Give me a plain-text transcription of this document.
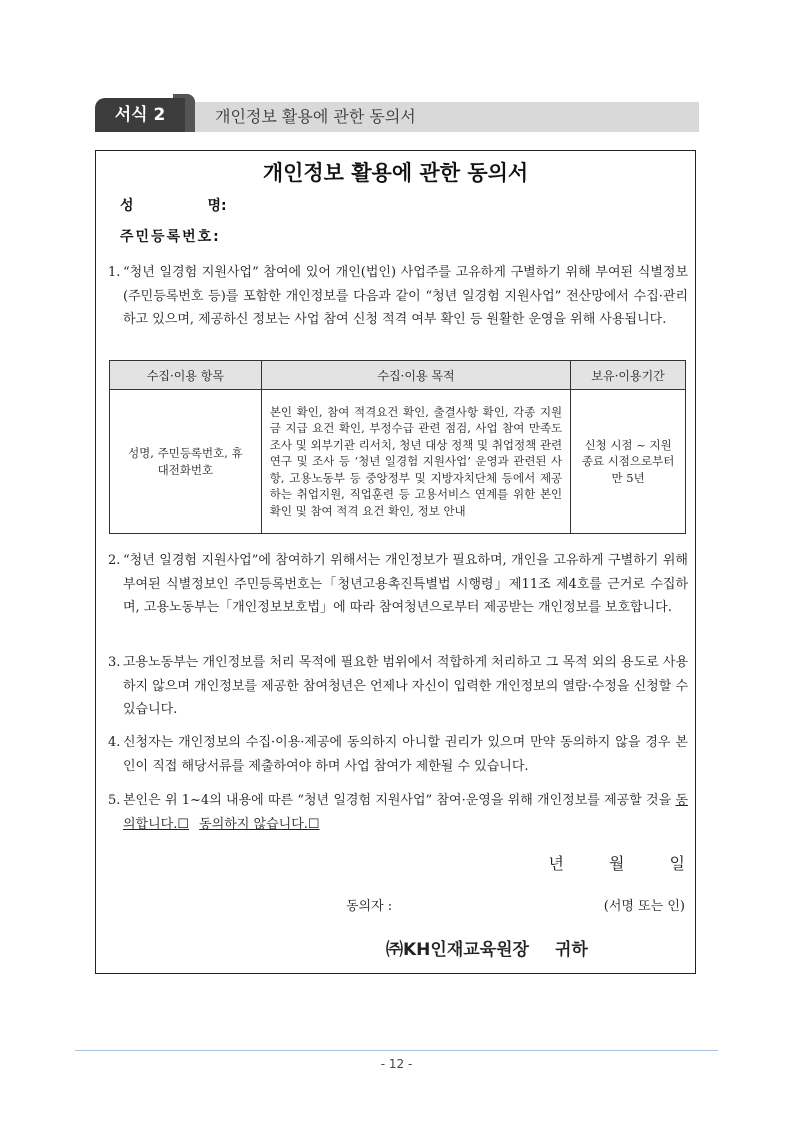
서식 2	개인정보 활용에 관한 동의서
개인정보 활용에 관한 동의서
성	명:
주민등록번호:
1. “청년 일경험 지원사업” 참여에 있어 개인(법인) 사업주를 고유하게 구별하기 위해 부여된 식별정보(주민등록번호 등)를 포함한 개인정보를 다음과 같이 “청년 일경험 지원사업” 전산망에서 수집·관리하고 있으며, 제공하신 정보는 사업 참여 신청 적격 여부 확인 등 원활한 운영을 위해 사용됩니다.
수집·이용 항목	수집·이용 목적	보유·이용기간
성명, 주민등록번호, 휴대전화번호	본인 확인, 참여 적격요건 확인, 출결사항 확인, 각종 지원금 지급 요건 확인, 부정수급 관련 점검, 사업 참여 만족도 조사 및 외부기관 리서치, 청년 대상 정책 및 취업정책 관련 연구 및 조사 등 ‘청년 일경험 지원사업’ 운영과 관련된 사항, 고용노동부 등 중앙정부 및 지방자치단체 등에서 제공하는 취업지원, 직업훈련 등 고용서비스 연계를 위한 본인 확인 및 참여 적격 요건 확인, 정보 안내	신청 시점 ~ 지원 종료 시점으로부터 만 5년
2. “청년 일경험 지원사업”에 참여하기 위해서는 개인정보가 필요하며, 개인을 고유하게 구별하기 위해 부여된 식별정보인 주민등록번호는「청년고용촉진특별법 시행령」제11조 제4호를 근거로 수집하며, 고용노동부는「개인정보보호법」에 따라 참여청년으로부터 제공받는 개인정보를 보호합니다.
3. 고용노동부는 개인정보를 처리 목적에 필요한 범위에서 적합하게 처리하고 그 목적 외의 용도로 사용하지 않으며 개인정보를 제공한 참여청년은 언제나 자신이 입력한 개인정보의 열람·수정을 신청할 수 있습니다.
4. 신청자는 개인정보의 수집·이용·제공에 동의하지 아니할 권리가 있으며 만약 동의하지 않을 경우 본인이 직접 해당서류를 제출하여야 하며 사업 참여가 제한될 수 있습니다.
5. 본인은 위 1~4의 내용에 따른 “청년 일경험 지원사업” 참여·운영을 위해 개인정보를 제공할 것을 동의합니다.☐ 동의하지 않습니다.☐
년 월 일
동의자 :	(서명 또는 인)
㈜KH인재교육원장 귀하
- 12 -
